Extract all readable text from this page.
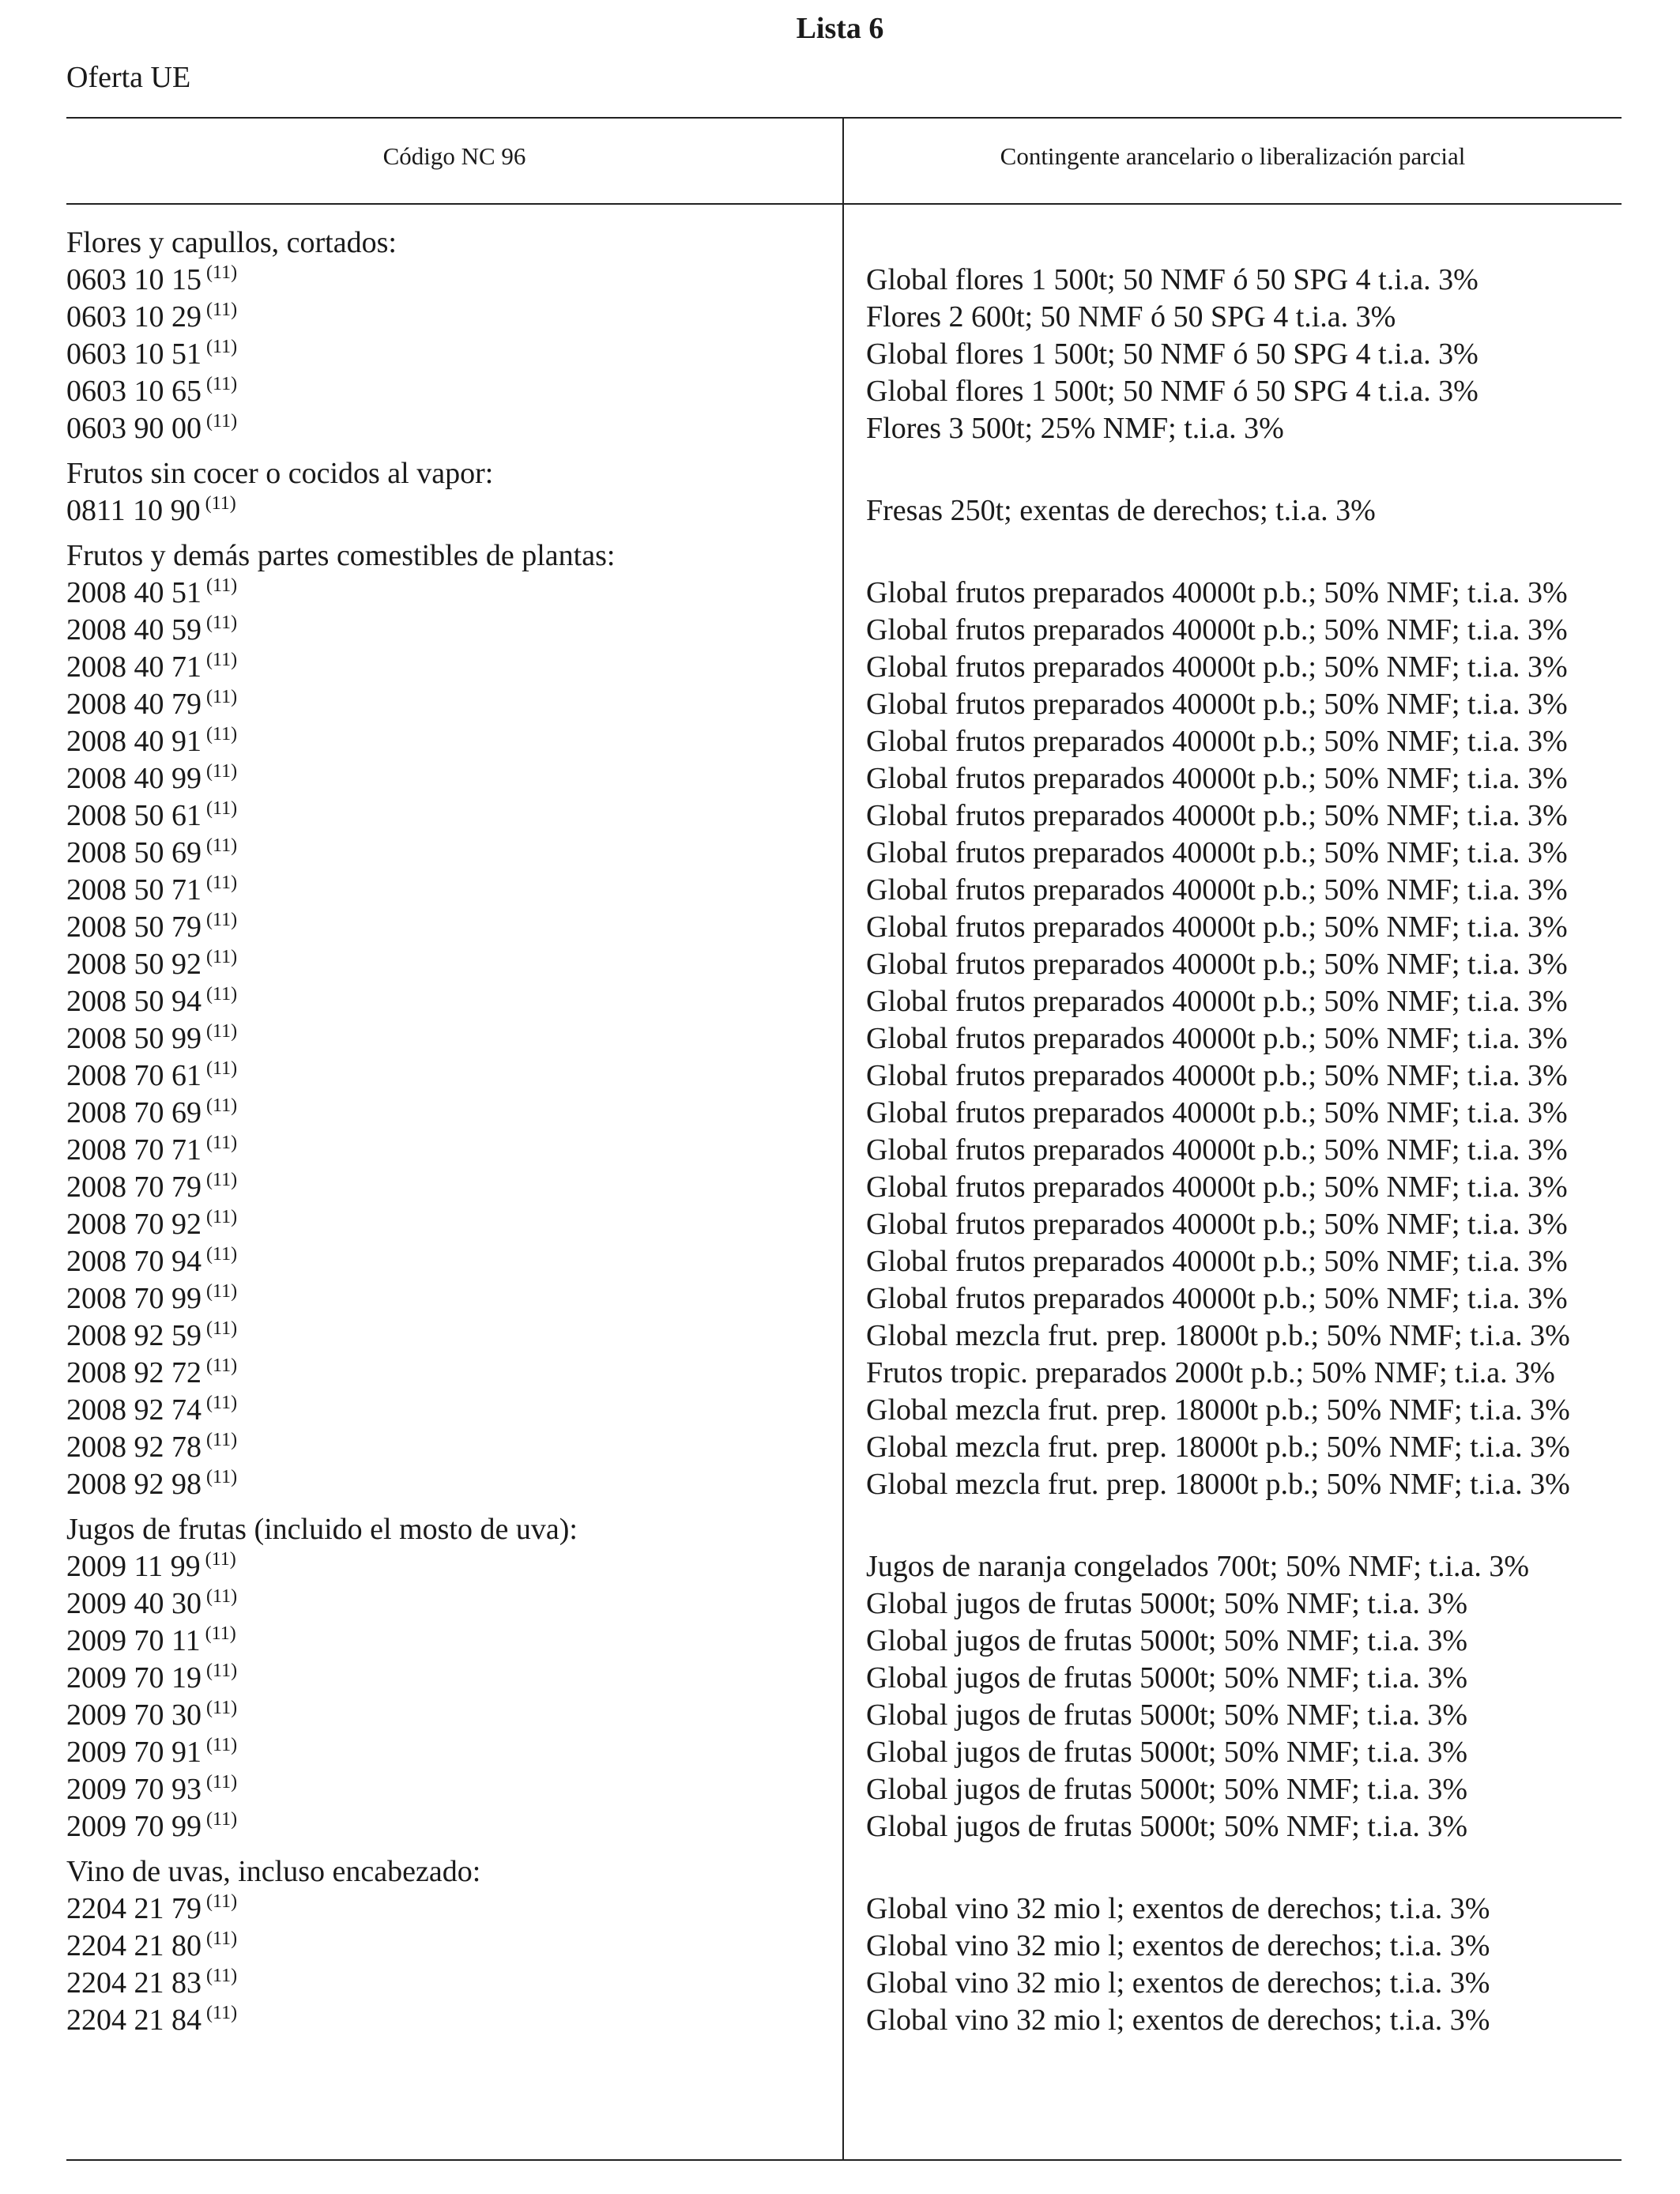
Lista 6
Oferta UE
Código NC 96	Contingente arancelario o liberalización parcial
Flores y capullos, cortados:
0603 10 15 $^{(11)}$	Global flores 1 500t; 50 NMF ó 50 SPG 4 t.i.a. 3%
0603 10 29 $^{(11)}$	Flores 2 600t; 50 NMF ó 50 SPG 4 t.i.a. 3%
0603 10 51 $^{(11)}$	Global flores 1 500t; 50 NMF ó 50 SPG 4 t.i.a. 3%
0603 10 65 $^{(11)}$	Global flores 1 500t; 50 NMF ó 50 SPG 4 t.i.a. 3%
0603 90 00 $^{(11)}$	Flores 3 500t; 25% NMF; t.i.a. 3%
Frutos sin cocer o cocidos al vapor:
0811 10 90 $^{(11)}$	Fresas 250t; exentas de derechos; t.i.a. 3%
Frutos y demás partes comestibles de plantas:
2008 40 51 $^{(11)}$	Global frutos preparados 40000t p.b.; 50% NMF; t.i.a. 3%
2008 40 59 $^{(11)}$	Global frutos preparados 40000t p.b.; 50% NMF; t.i.a. 3%
2008 40 71 $^{(11)}$	Global frutos preparados 40000t p.b.; 50% NMF; t.i.a. 3%
2008 40 79 $^{(11)}$	Global frutos preparados 40000t p.b.; 50% NMF; t.i.a. 3%
2008 40 91 $^{(11)}$	Global frutos preparados 40000t p.b.; 50% NMF; t.i.a. 3%
2008 40 99 $^{(11)}$	Global frutos preparados 40000t p.b.; 50% NMF; t.i.a. 3%
2008 50 61 $^{(11)}$	Global frutos preparados 40000t p.b.; 50% NMF; t.i.a. 3%
2008 50 69 $^{(11)}$	Global frutos preparados 40000t p.b.; 50% NMF; t.i.a. 3%
2008 50 71 $^{(11)}$	Global frutos preparados 40000t p.b.; 50% NMF; t.i.a. 3%
2008 50 79 $^{(11)}$	Global frutos preparados 40000t p.b.; 50% NMF; t.i.a. 3%
2008 50 92 $^{(11)}$	Global frutos preparados 40000t p.b.; 50% NMF; t.i.a. 3%
2008 50 94 $^{(11)}$	Global frutos preparados 40000t p.b.; 50% NMF; t.i.a. 3%
2008 50 99 $^{(11)}$	Global frutos preparados 40000t p.b.; 50% NMF; t.i.a. 3%
2008 70 61 $^{(11)}$	Global frutos preparados 40000t p.b.; 50% NMF; t.i.a. 3%
2008 70 69 $^{(11)}$	Global frutos preparados 40000t p.b.; 50% NMF; t.i.a. 3%
2008 70 71 $^{(11)}$	Global frutos preparados 40000t p.b.; 50% NMF; t.i.a. 3%
2008 70 79 $^{(11)}$	Global frutos preparados 40000t p.b.; 50% NMF; t.i.a. 3%
2008 70 92 $^{(11)}$	Global frutos preparados 40000t p.b.; 50% NMF; t.i.a. 3%
2008 70 94 $^{(11)}$	Global frutos preparados 40000t p.b.; 50% NMF; t.i.a. 3%
2008 70 99 $^{(11)}$	Global frutos preparados 40000t p.b.; 50% NMF; t.i.a. 3%
2008 92 59 $^{(11)}$	Global mezcla frut. prep. 18000t p.b.; 50% NMF; t.i.a. 3%
2008 92 72 $^{(11)}$	Frutos tropic. preparados 2000t p.b.; 50% NMF; t.i.a. 3%
2008 92 74 $^{(11)}$	Global mezcla frut. prep. 18000t p.b.; 50% NMF; t.i.a. 3%
2008 92 78 $^{(11)}$	Global mezcla frut. prep. 18000t p.b.; 50% NMF; t.i.a. 3%
2008 92 98 $^{(11)}$	Global mezcla frut. prep. 18000t p.b.; 50% NMF; t.i.a. 3%
Jugos de frutas (incluido el mosto de uva):
2009 11 99 $^{(11)}$	Jugos de naranja congelados 700t; 50% NMF; t.i.a. 3%
2009 40 30 $^{(11)}$	Global jugos de frutas 5000t; 50% NMF; t.i.a. 3%
2009 70 11 $^{(11)}$	Global jugos de frutas 5000t; 50% NMF; t.i.a. 3%
2009 70 19 $^{(11)}$	Global jugos de frutas 5000t; 50% NMF; t.i.a. 3%
2009 70 30 $^{(11)}$	Global jugos de frutas 5000t; 50% NMF; t.i.a. 3%
2009 70 91 $^{(11)}$	Global jugos de frutas 5000t; 50% NMF; t.i.a. 3%
2009 70 93 $^{(11)}$	Global jugos de frutas 5000t; 50% NMF; t.i.a. 3%
2009 70 99 $^{(11)}$	Global jugos de frutas 5000t; 50% NMF; t.i.a. 3%
Vino de uvas, incluso encabezado:
2204 21 79 $^{(11)}$	Global vino 32 mio l; exentos de derechos; t.i.a. 3%
2204 21 80 $^{(11)}$	Global vino 32 mio l; exentos de derechos; t.i.a. 3%
2204 21 83 $^{(11)}$	Global vino 32 mio l; exentos de derechos; t.i.a. 3%
2204 21 84 $^{(11)}$	Global vino 32 mio l; exentos de derechos; t.i.a. 3%
